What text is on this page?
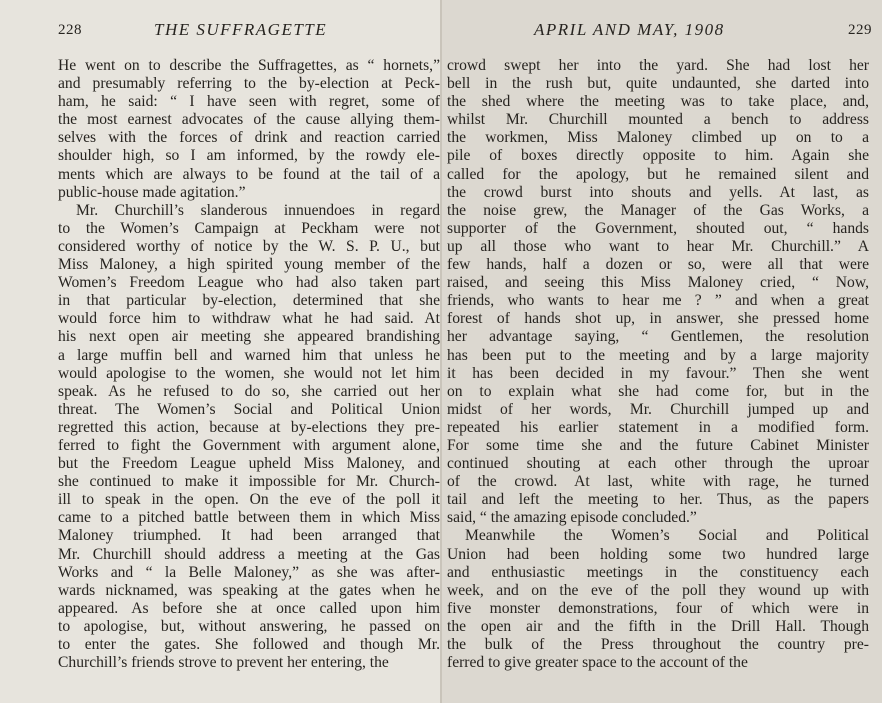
228	THE SUFFRAGETTE
He went on to describe the Suffragettes, as “ hornets,”
and presumably referring to the by-election at Peck-
ham, he said: “ I have seen with regret, some of
the most earnest advocates of the cause allying them-
selves with the forces of drink and reaction carried
shoulder high, so I am informed, by the rowdy ele-
ments which are always to be found at the tail of a
public-house made agitation.”
Mr. Churchill’s slanderous innuendoes in regard
to the Women’s Campaign at Peckham were not
considered worthy of notice by the W. S. P. U., but
Miss Maloney, a high spirited young member of the
Women’s Freedom League who had also taken part
in that particular by-election, determined that she
would force him to withdraw what he had said. At
his next open air meeting she appeared brandishing
a large muffin bell and warned him that unless he
would apologise to the women, she would not let him
speak. As he refused to do so, she carried out her
threat. The Women’s Social and Political Union
regretted this action, because at by-elections they pre-
ferred to fight the Government with argument alone,
but the Freedom League upheld Miss Maloney, and
she continued to make it impossible for Mr. Church-
ill to speak in the open. On the eve of the poll it
came to a pitched battle between them in which Miss
Maloney triumphed. It had been arranged that
Mr. Churchill should address a meeting at the Gas
Works and “ la Belle Maloney,” as she was after-
wards nicknamed, was speaking at the gates when he
appeared. As before she at once called upon him
to apologise, but, without answering, he passed on
to enter the gates. She followed and though Mr.
Churchill’s friends strove to prevent her entering, the
APRIL AND MAY, 1908	229
crowd swept her into the yard. She had lost her
bell in the rush but, quite undaunted, she darted into
the shed where the meeting was to take place, and,
whilst Mr. Churchill mounted a bench to address
the workmen, Miss Maloney climbed up on to a
pile of boxes directly opposite to him. Again she
called for the apology, but he remained silent and
the crowd burst into shouts and yells. At last, as
the noise grew, the Manager of the Gas Works, a
supporter of the Government, shouted out, “ hands
up all those who want to hear Mr. Churchill.” A
few hands, half a dozen or so, were all that were
raised, and seeing this Miss Maloney cried, “ Now,
friends, who wants to hear me ? ” and when a great
forest of hands shot up, in answer, she pressed home
her advantage saying, “ Gentlemen, the resolution
has been put to the meeting and by a large majority
it has been decided in my favour.” Then she went
on to explain what she had come for, but in the
midst of her words, Mr. Churchill jumped up and
repeated his earlier statement in a modified form.
For some time she and the future Cabinet Minister
continued shouting at each other through the uproar
of the crowd. At last, white with rage, he turned
tail and left the meeting to her. Thus, as the papers
said, “ the amazing episode concluded.”
Meanwhile the Women’s Social and Political
Union had been holding some two hundred large
and enthusiastic meetings in the constituency each
week, and on the eve of the poll they wound up with
five monster demonstrations, four of which were in
the open air and the fifth in the Drill Hall. Though
the bulk of the Press throughout the country pre-
ferred to give greater space to the account of the
